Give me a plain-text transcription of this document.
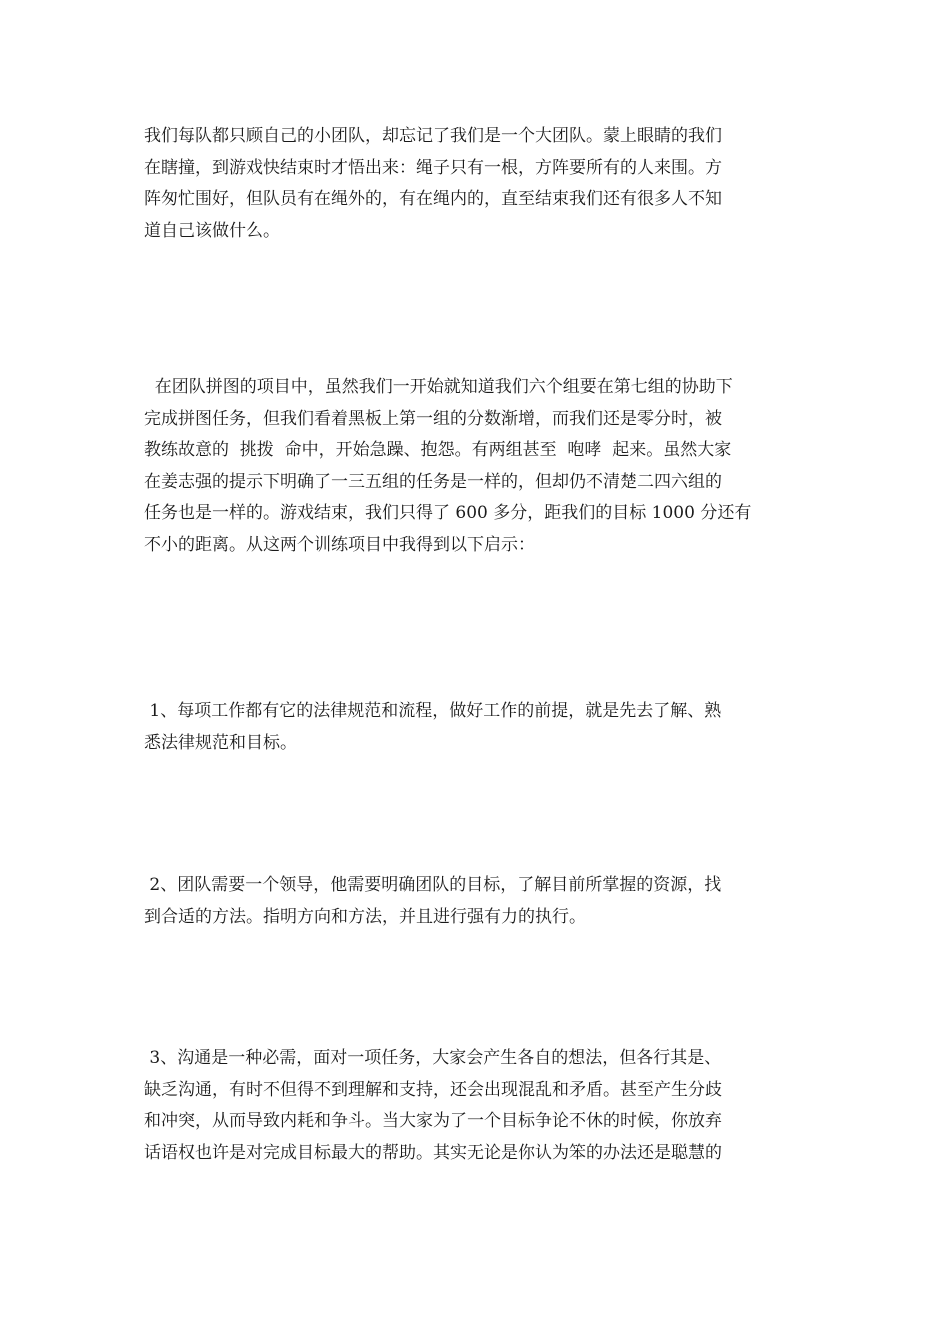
我们每队都只顾自己的小团队，却忘记了我们是一个大团队。蒙上眼睛的我们
在瞎撞，到游戏快结束时才悟出来：绳子只有一根，方阵要所有的人来围。方
阵匆忙围好，但队员有在绳外的，有在绳内的，直至结束我们还有很多人不知
道自己该做什么。
在团队拼图的项目中，虽然我们一开始就知道我们六个组要在第七组的协助下
完成拼图任务，但我们看着黑板上第一组的分数渐增，而我们还是零分时，被
教练故意的  挑拨  命中，开始急躁、抱怨。有两组甚至  咆哮  起来。虽然大家
在姜志强的提示下明确了一三五组的任务是一样的，但却仍不清楚二四六组的
任务也是一样的。游戏结束，我们只得了 600 多分，距我们的目标 1000 分还有
不小的距离。从这两个训练项目中我得到以下启示：
1、每项工作都有它的法律规范和流程，做好工作的前提，就是先去了解、熟
悉法律规范和目标。
2、团队需要一个领导，他需要明确团队的目标，了解目前所掌握的资源，找
到合适的方法。指明方向和方法，并且进行强有力的执行。
3、沟通是一种必需，面对一项任务，大家会产生各自的想法，但各行其是、
缺乏沟通，有时不但得不到理解和支持，还会出现混乱和矛盾。甚至产生分歧
和冲突，从而导致内耗和争斗。当大家为了一个目标争论不休的时候，你放弃
话语权也许是对完成目标最大的帮助。其实无论是你认为笨的办法还是聪慧的
